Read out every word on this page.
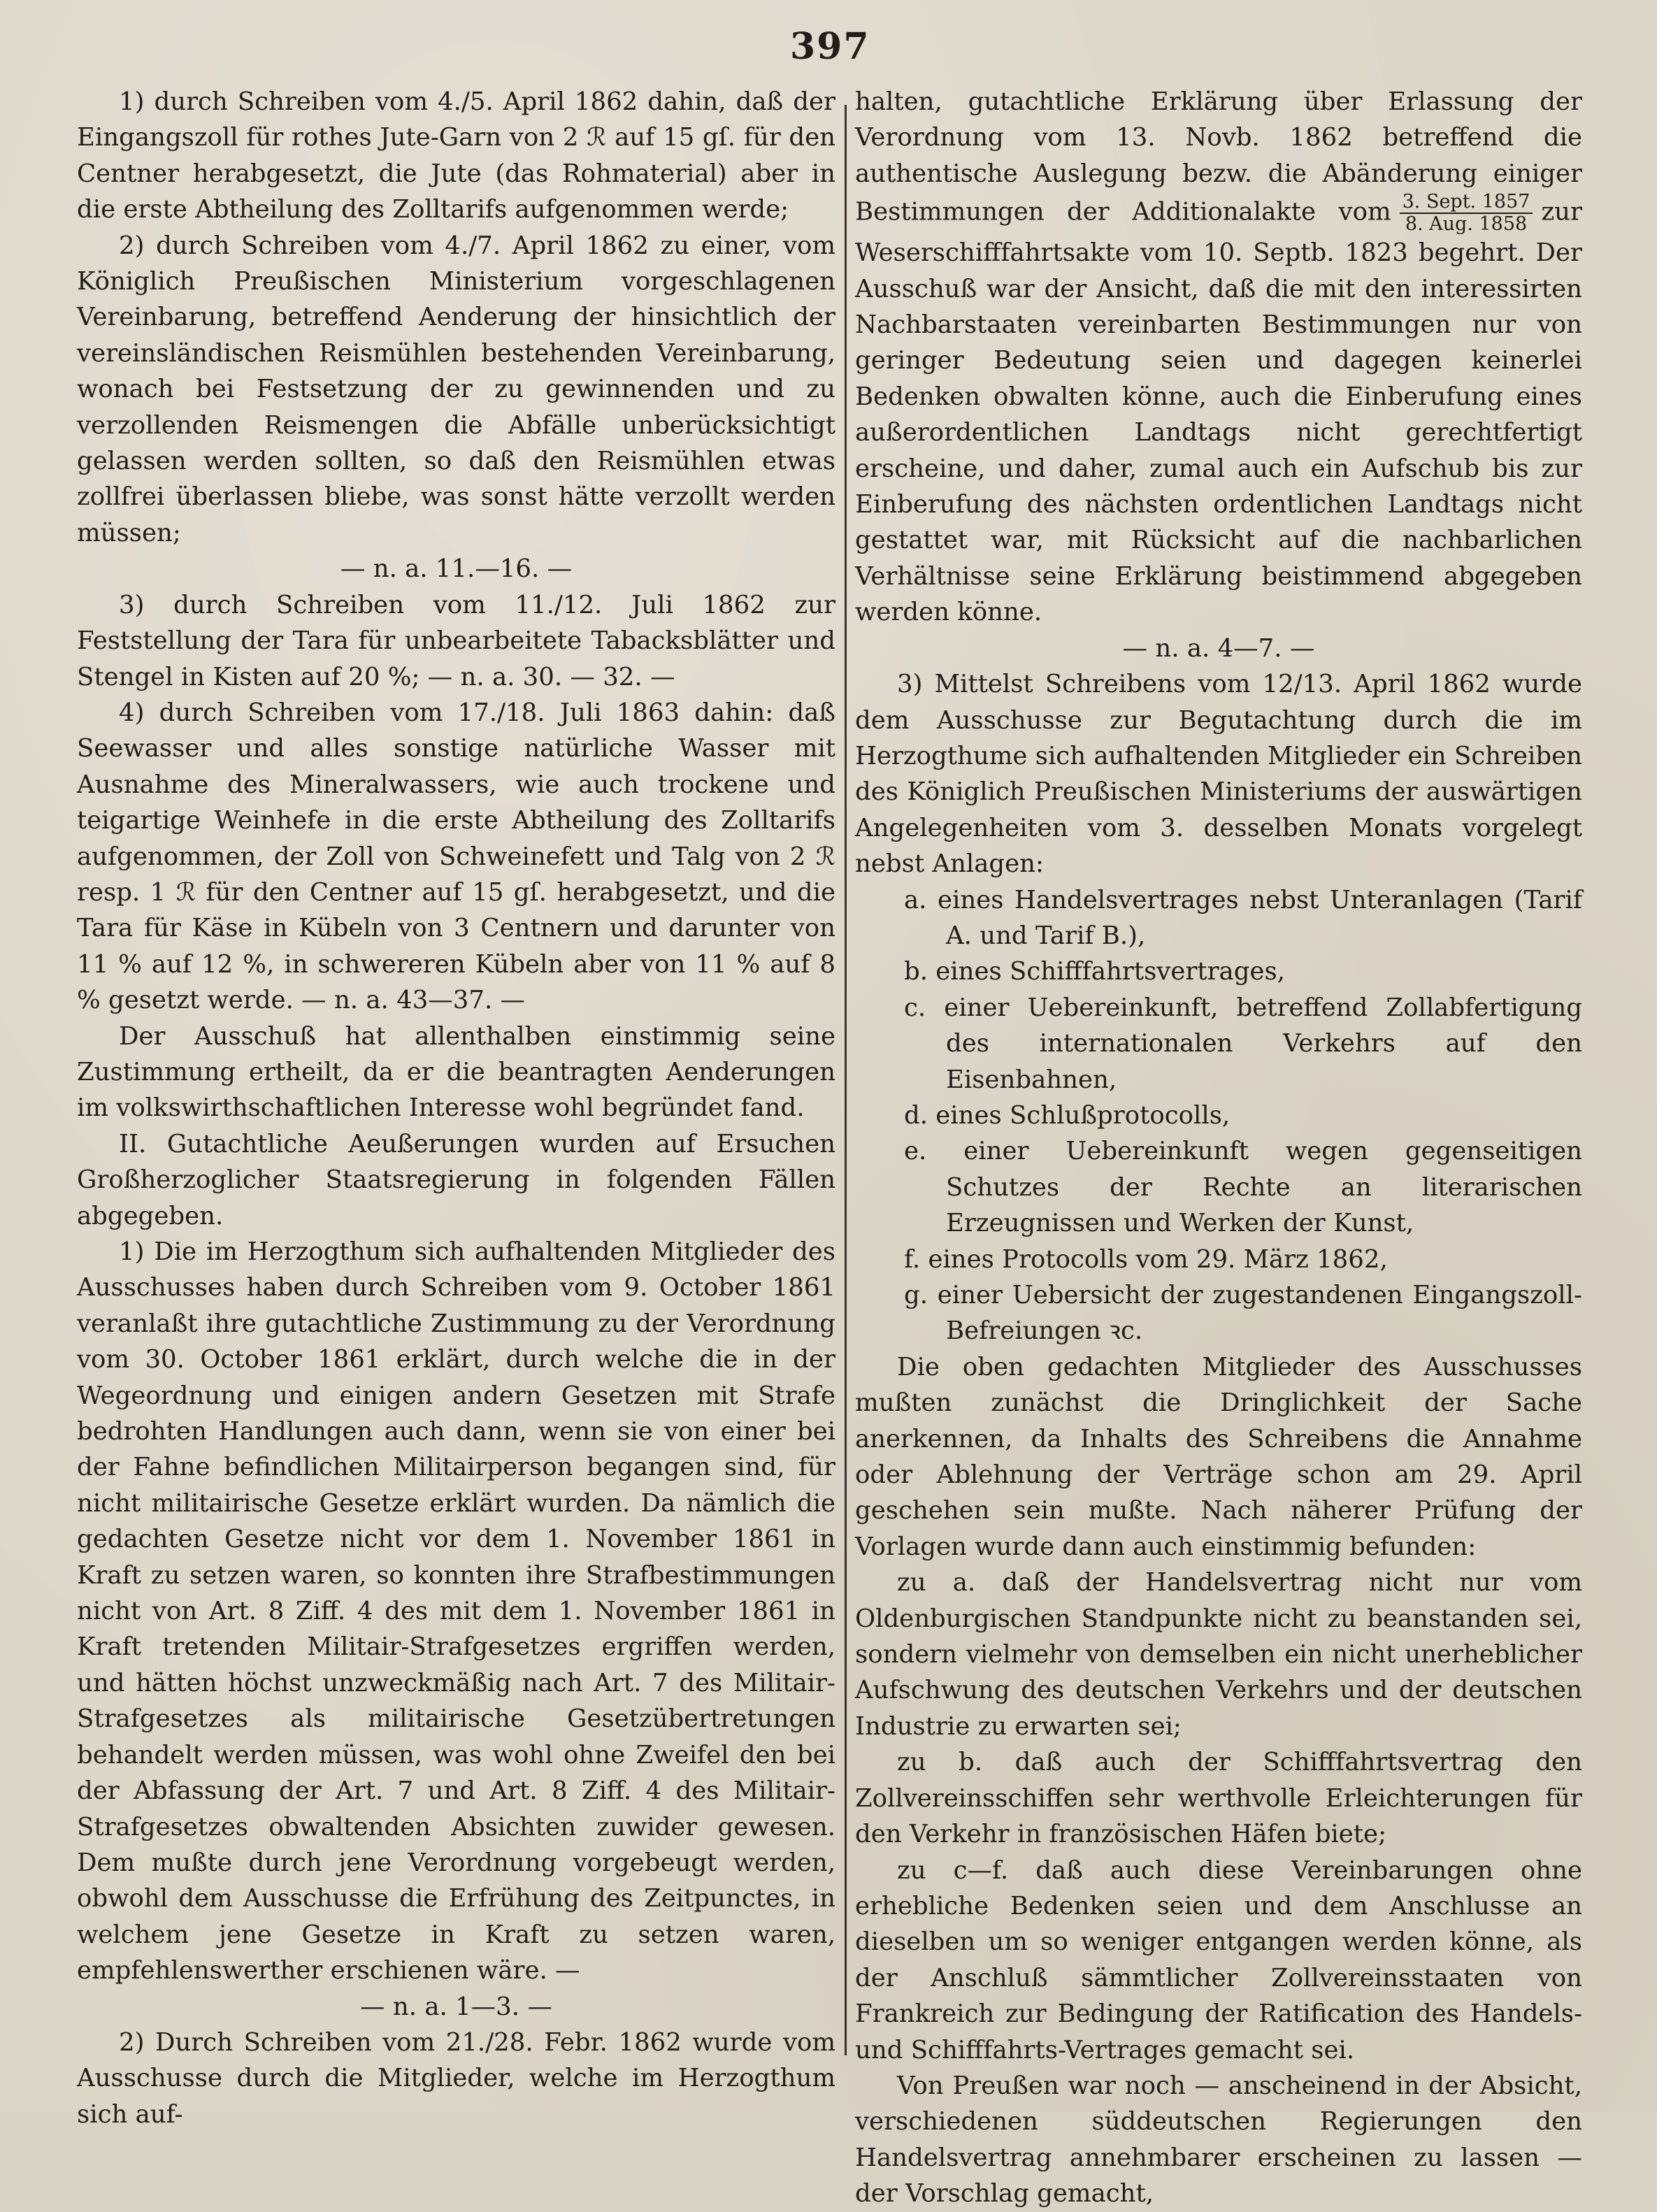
397

1) durch Schreiben vom 4./5. April 1862 dahin, daß der Eingangszoll für rothes Jute-Garn von 2 ℛ auf 15 gſ. für den Centner herabgesetzt, die Jute (das Rohmaterial) aber in die erste Abtheilung des Zolltarifs aufgenommen werde;

2) durch Schreiben vom 4./7. April 1862 zu einer, vom Königlich Preußischen Ministerium vorgeschlagenen Vereinbarung, betreffend Aenderung der hinsichtlich der vereinsländischen Reismühlen bestehenden Vereinbarung, wonach bei Festsetzung der zu gewinnenden und zu verzollenden Reismengen die Abfälle unberücksichtigt gelassen werden sollten, so daß den Reismühlen etwas zollfrei überlassen bliebe, was sonst hätte verzollt werden müssen;

— n. a. 11.—16. —

3) durch Schreiben vom 11./12. Juli 1862 zur Feststellung der Tara für unbearbeitete Tabacksblätter und Stengel in Kisten auf 20 %; — n. a. 30. — 32. —

4) durch Schreiben vom 17./18. Juli 1863 dahin: daß Seewasser und alles sonstige natürliche Wasser mit Ausnahme des Mineralwassers, wie auch trockene und teigartige Weinhefe in die erste Abtheilung des Zolltarifs aufgenommen, der Zoll von Schweinefett und Talg von 2 ℛ resp. 1 ℛ für den Centner auf 15 gſ. herabgesetzt, und die Tara für Käse in Kübeln von 3 Centnern und darunter von 11 % auf 12 %, in schwereren Kübeln aber von 11 % auf 8 % gesetzt werde. — n. a. 43—37. —

Der Ausschuß hat allenthalben einstimmig seine Zustimmung ertheilt, da er die beantragten Aenderungen im volkswirthschaftlichen Interesse wohl begründet fand.

II. Gutachtliche Aeußerungen wurden auf Ersuchen Großherzoglicher Staatsregierung in folgenden Fällen abgegeben.

1) Die im Herzogthum sich aufhaltenden Mitglieder des Ausschusses haben durch Schreiben vom 9. October 1861 veranlaßt ihre gutachtliche Zustimmung zu der Verordnung vom 30. October 1861 erklärt, durch welche die in der Wegeordnung und einigen andern Gesetzen mit Strafe bedrohten Handlungen auch dann, wenn sie von einer bei der Fahne befindlichen Militairperson begangen sind, für nicht militairische Gesetze erklärt wurden. Da nämlich die gedachten Gesetze nicht vor dem 1. November 1861 in Kraft zu setzen waren, so konnten ihre Strafbestimmungen nicht von Art. 8 Ziff. 4 des mit dem 1. November 1861 in Kraft tretenden Militair-Strafgesetzes ergriffen werden, und hätten höchst unzweckmäßig nach Art. 7 des Militair-Strafgesetzes als militairische Gesetzübertretungen behandelt werden müssen, was wohl ohne Zweifel den bei der Abfassung der Art. 7 und Art. 8 Ziff. 4 des Militair-Strafgesetzes obwaltenden Absichten zuwider gewesen. Dem mußte durch jene Verordnung vorgebeugt werden, obwohl dem Ausschusse die Erfrühung des Zeitpunctes, in welchem jene Gesetze in Kraft zu setzen waren, empfehlenswerther erschienen wäre. —

— n. a. 1—3. —

2) Durch Schreiben vom 21./28. Febr. 1862 wurde vom Ausschusse durch die Mitglieder, welche im Herzogthum sich auf-

halten, gutachtliche Erklärung über Erlassung der Verordnung vom 13. Novb. 1862 betreffend die authentische Auslegung bezw. die Abänderung einiger Bestimmungen der Additionalakte vom $\frac{\text{3. Sept. 1857}}{\text{8. Aug. 1858}}$ zur Weserschifffahrtsakte vom 10. Septb. 1823 begehrt. Der Ausschuß war der Ansicht, daß die mit den interessirten Nachbarstaaten vereinbarten Bestimmungen nur von geringer Bedeutung seien und dagegen keinerlei Bedenken obwalten könne, auch die Einberufung eines außerordentlichen Landtags nicht gerechtfertigt erscheine, und daher, zumal auch ein Aufschub bis zur Einberufung des nächsten ordentlichen Landtags nicht gestattet war, mit Rücksicht auf die nachbarlichen Verhältnisse seine Erklärung beistimmend abgegeben werden könne.

— n. a. 4—7. —

3) Mittelst Schreibens vom 12/13. April 1862 wurde dem Ausschusse zur Begutachtung durch die im Herzogthume sich aufhaltenden Mitglieder ein Schreiben des Königlich Preußischen Ministeriums der auswärtigen Angelegenheiten vom 3. desselben Monats vorgelegt nebst Anlagen:

a. eines Handelsvertrages nebst Unteranlagen (Tarif A. und Tarif B.),

b. eines Schifffahrtsvertrages,

c. einer Uebereinkunft, betreffend Zollabfertigung des internationalen Verkehrs auf den Eisenbahnen,

d. eines Schlußprotocolls,

e. einer Uebereinkunft wegen gegenseitigen Schutzes der Rechte an literarischen Erzeugnissen und Werken der Kunst,

f. eines Protocolls vom 29. März 1862,

g. einer Uebersicht der zugestandenen Eingangszoll-Befreiungen ꝛc.

Die oben gedachten Mitglieder des Ausschusses mußten zunächst die Dringlichkeit der Sache anerkennen, da Inhalts des Schreibens die Annahme oder Ablehnung der Verträge schon am 29. April geschehen sein mußte. Nach näherer Prüfung der Vorlagen wurde dann auch einstimmig befunden:

zu a. daß der Handelsvertrag nicht nur vom Oldenburgischen Standpunkte nicht zu beanstanden sei, sondern vielmehr von demselben ein nicht unerheblicher Aufschwung des deutschen Verkehrs und der deutschen Industrie zu erwarten sei;

zu b. daß auch der Schifffahrtsvertrag den Zollvereinsschiffen sehr werthvolle Erleichterungen für den Verkehr in französischen Häfen biete;

zu c—f. daß auch diese Vereinbarungen ohne erhebliche Bedenken seien und dem Anschlusse an dieselben um so weniger entgangen werden könne, als der Anschluß sämmtlicher Zollvereinsstaaten von Frankreich zur Bedingung der Ratification des Handels- und Schifffahrts-Vertrages gemacht sei.

Von Preußen war noch — anscheinend in der Absicht, verschiedenen süddeutschen Regierungen den Handelsvertrag annehmbarer erscheinen zu lassen — der Vorschlag gemacht,
